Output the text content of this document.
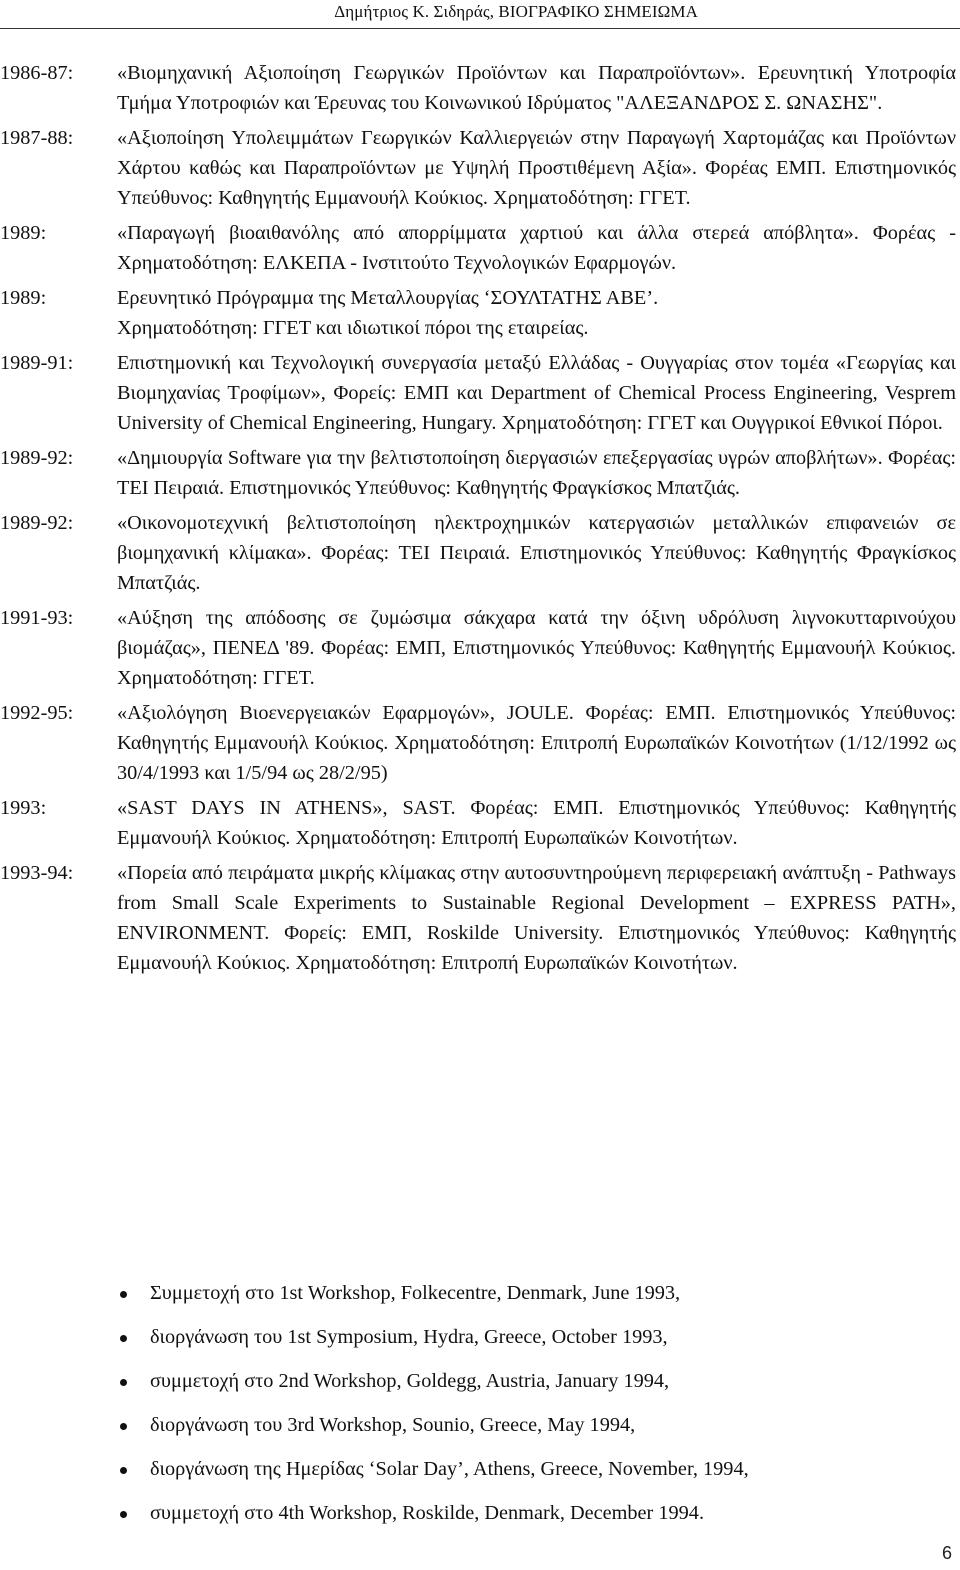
Δημήτριος Κ. Σιδηράς, ΒΙΟΓΡΑΦΙΚΟ ΣΗΜΕΙΩΜΑ
1986-87:	«Βιομηχανική Αξιοποίηση Γεωργικών Προϊόντων και Παραπροϊόντων». Ερευνητική Υποτροφία Τμήμα Υποτροφιών και Έρευνας του Κοινωνικού Ιδρύματος "ΑΛΕΞΑΝΔΡΟΣ Σ. ΩΝΑΣΗΣ".
1987-88:	«Αξιοποίηση Υπολειμμάτων Γεωργικών Καλλιεργειών στην Παραγωγή Χαρτομάζας και Προϊόντων Χάρτου καθώς και Παραπροϊόντων με Υψηλή Προστιθέμενη Αξία». Φορέας ΕΜΠ. Επιστημονικός Υπεύθυνος: Καθηγητής Εμμανουήλ Κούκιος. Χρηματοδότηση: ΓΓΕΤ.
1989:	«Παραγωγή βιοαιθανόλης από απορρίμματα χαρτιού και άλλα στερεά απόβλητα». Φορέας - Χρηματοδότηση: ΕΛΚΕΠΑ - Ινστιτούτο Τεχνολογικών Εφαρμογών.
1989:	Ερευνητικό Πρόγραμμα της Μεταλλουργίας ‘ΣΟΥΛΤΑΤΗΣ ΑΒΕ’.
Χρηματοδότηση: ΓΓΕΤ και ιδιωτικοί πόροι της εταιρείας.
1989-91:	Επιστημονική και Τεχνολογική συνεργασία μεταξύ Ελλάδας - Ουγγαρίας στον τομέα «Γεωργίας και Βιομηχανίας Τροφίμων», Φορείς: ΕΜΠ και Department of Chemical Process Engineering, Vesprem University of Chemical Engineering, Hungary. Χρηματοδότηση: ΓΓΕΤ και Ουγγρικοί Εθνικοί Πόροι.
1989-92:	«Δημιουργία Software για την βελτιστοποίηση διεργασιών επεξεργασίας υγρών αποβλήτων». Φορέας: ΤΕΙ Πειραιά. Επιστημονικός Υπεύθυνος: Καθηγητής Φραγκίσκος Μπατζιάς.
1989-92:	«Οικονομοτεχνική βελτιστοποίηση ηλεκτροχημικών κατεργασιών μεταλλικών επιφανειών σε βιομηχανική κλίμακα». Φορέας: ΤΕΙ Πειραιά. Επιστημονικός Υπεύθυνος: Καθηγητής Φραγκίσκος Μπατζιάς.
1991-93:	«Αύξηση της απόδοσης σε ζυμώσιμα σάκχαρα κατά την όξινη υδρόλυση λιγνοκυτταρινούχου βιομάζας», ΠΕΝΕΔ '89. Φορέας: ΕΜΠ, Επιστημονικός Υπεύθυνος: Καθηγητής Εμμανουήλ Κούκιος. Χρηματοδότηση: ΓΓΕΤ.
1992-95:	«Αξιολόγηση Βιοενεργειακών Εφαρμογών», JOULE. Φορέας: ΕΜΠ. Επιστημονικός Υπεύθυνος: Καθηγητής Εμμανουήλ Κούκιος. Χρηματοδότηση: Επιτροπή Ευρωπαϊκών Κοινοτήτων (1/12/1992 ως 30/4/1993 και 1/5/94 ως 28/2/95)
1993:	«SAST DAYS IN ATHENS», SAST. Φορέας: ΕΜΠ. Επιστημονικός Υπεύθυνος: Καθηγητής Εμμανουήλ Κούκιος. Χρηματοδότηση: Επιτροπή Ευρωπαϊκών Κοινοτήτων.
1993-94:	«Πορεία από πειράματα μικρής κλίμακας στην αυτοσυντηρούμενη περιφερειακή ανάπτυξη - Pathways from Small Scale Experiments to Sustainable Regional Development – EXPRESS PATH», ENVIRONMENT. Φορείς: ΕΜΠ, Roskilde University. Επιστημονικός Υπεύθυνος: Καθηγητής Εμμανουήλ Κούκιος. Χρηματοδότηση: Επιτροπή Ευρωπαϊκών Κοινοτήτων.
Συμμετοχή στο 1st Workshop, Folkecentre, Denmark, June 1993,
διοργάνωση του 1st Symposium, Hydra, Greece, October 1993,
συμμετοχή στο 2nd Workshop, Goldegg, Austria, January 1994,
διοργάνωση του 3rd Workshop, Sounio, Greece, May 1994,
διοργάνωση της Ημερίδας ‘Solar Day’, Athens, Greece, November, 1994,
συμμετοχή στο 4th Workshop, Roskilde, Denmark, December 1994.
6
